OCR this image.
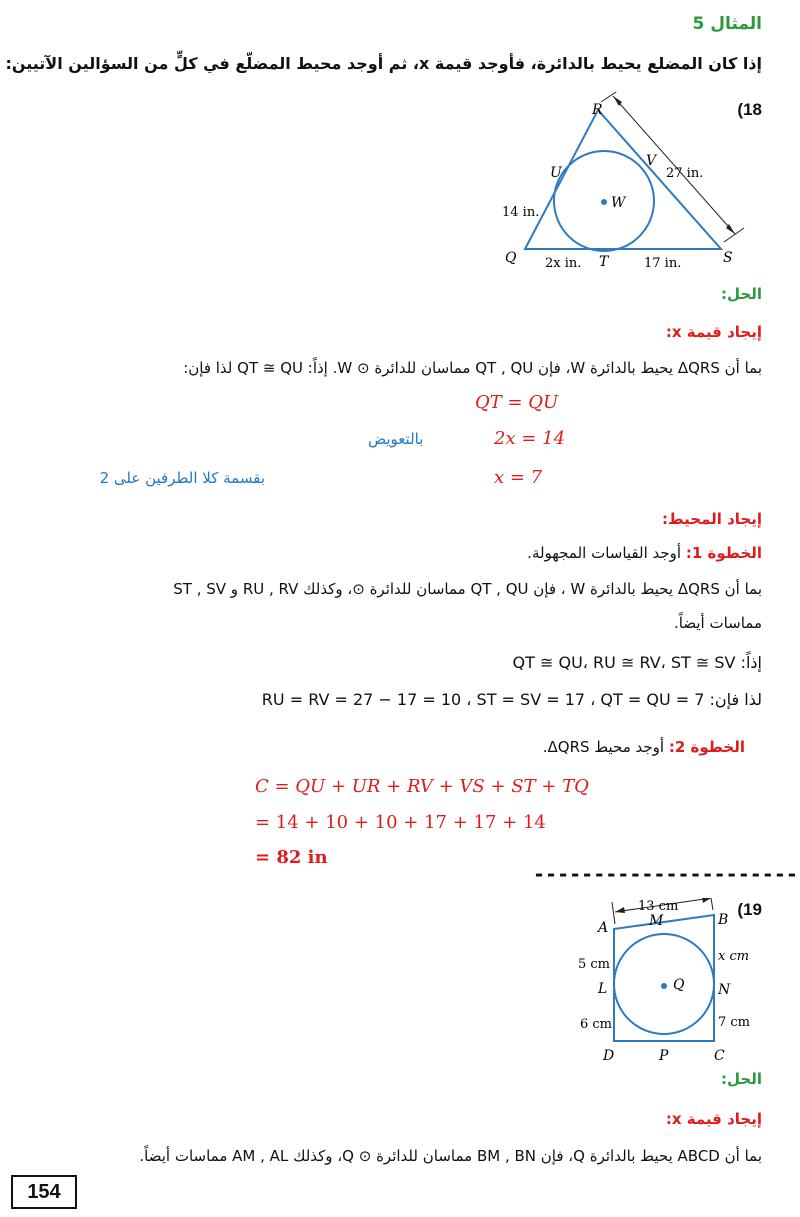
المثال 5
إذا كان المضلع يحيط بالدائرة، فأوجد قيمة x، ثم أوجد محيط المضلّع في كلٍّ من السؤالين الآتيين:
(18
R
U
V
W
Q	T	S
27 in.
14 in.
2x in.	17 in.
الحل:
إيجاد قيمة x:
بما أن ΔQRS يحيط بالدائرة W، فإن QT , QU مماسان للدائرة ⊙ W. إذاً: QT ≅ QU لذا فإن:
QT = QU
2x = 14
بالتعويض
x = 7
بقسمة كلا الطرفين على 2
إيجاد المحيط:
الخطوة 1: أوجد القياسات المجهولة.
بما أن ΔQRS يحيط بالدائرة W ، فإن QT , QU مماسان للدائرة ⊙، وكذلك RU , RV و ST , SV
مماسات أيضاً.
إذاً: QT ≅ QU، RU ≅ RV، ST ≅ SV
لذا فإن: RU = RV = 27 − 17 = 10 ، ST = SV = 17 ، QT = QU = 7
الخطوة 2: أوجد محيط ΔQRS.
C = QU + UR + RV + VS + ST + TQ
= 14 + 10 + 10 + 17 + 17 + 14
= 82 in
----------------------
(19
13 cm
A	M	B
5 cm
x cm
L	Q N
6 cm	7 cm
D	P	C
الحل:
إيجاد قيمة x:
بما أن ABCD يحيط بالدائرة Q، فإن BM , BN مماسان للدائرة ⊙ Q، وكذلك AM , AL مماسات أيضاً.
154
